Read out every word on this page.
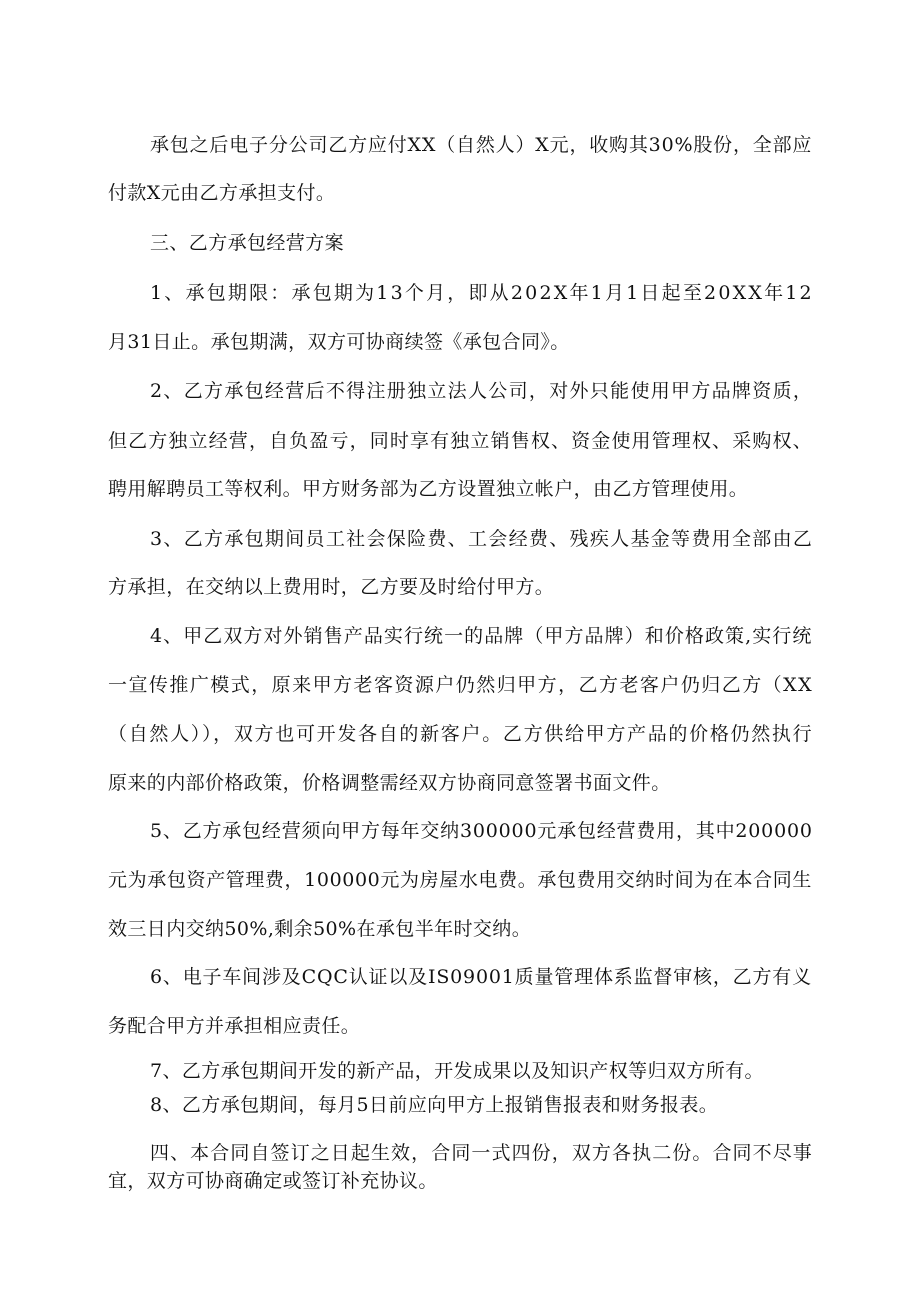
承包之后电子分公司乙方应付XX（自然人）X元，收购其30%股份，全部应

付款X元由乙方承担支付。

三、乙方承包经营方案

1、承包期限：承包期为13个月，即从202X年1月1日起至20XX年12

月31日止。承包期满，双方可协商续签《承包合同》。

2、乙方承包经营后不得注册独立法人公司，对外只能使用甲方品牌资质，

但乙方独立经营，自负盈亏，同时享有独立销售权、资金使用管理权、采购权、

聘用解聘员工等权利。甲方财务部为乙方设置独立帐户，由乙方管理使用。

3、乙方承包期间员工社会保险费、工会经费、残疾人基金等费用全部由乙

方承担，在交纳以上费用时，乙方要及时给付甲方。

4、甲乙双方对外销售产品实行统一的品牌（甲方品牌）和价格政策,实行统

一宣传推广模式，原来甲方老客资源户仍然归甲方，乙方老客户仍归乙方（XX

（自然人）），双方也可开发各自的新客户。乙方供给甲方产品的价格仍然执行

原来的内部价格政策，价格调整需经双方协商同意签署书面文件。

5、乙方承包经营须向甲方每年交纳300000元承包经营费用，其中200000

元为承包资产管理费，100000元为房屋水电费。承包费用交纳时间为在本合同生

效三日内交纳50%,剩余50%在承包半年时交纳。

6、电子车间涉及CQC认证以及IS09001质量管理体系监督审核，乙方有义

务配合甲方并承担相应责任。

7、乙方承包期间开发的新产品，开发成果以及知识产权等归双方所有。

8、乙方承包期间，每月5日前应向甲方上报销售报表和财务报表。

四、本合同自签订之日起生效，合同一式四份，双方各执二份。合同不尽事

宜，双方可协商确定或签订补充协议。
